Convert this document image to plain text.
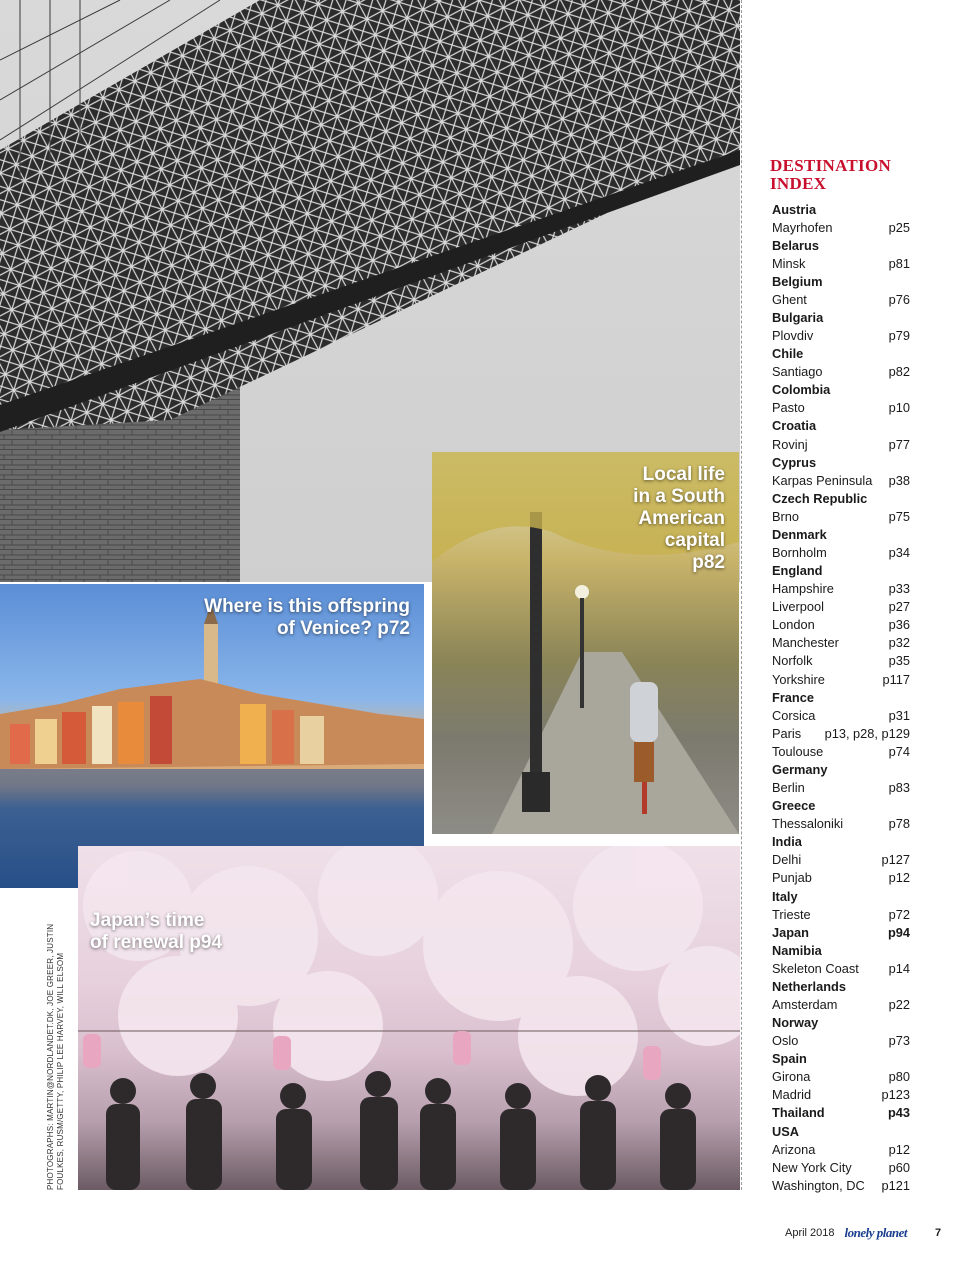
Local life
in a South
American
capital
p82
Where is this offspring
of Venice? p72
Japan’s time
of renewal p94
PHOTOGRAPHS: MARTIN@NORDLANDET.DK, JOE GREER, JUSTIN FOULKES, RUSM/GETTY, PHILIP LEE HARVEY, WILL ELSOM
DESTINATION
INDEX
Austria
Mayrhofen	p25
Belarus
Minsk	p81
Belgium
Ghent	p76
Bulgaria
Plovdiv	p79
Chile
Santiago	p82
Colombia
Pasto	p10
Croatia
Rovinj	p77
Cyprus
Karpas Peninsula p38
Czech Republic
Brno	p75
Denmark
Bornholm	p34
England
Hampshire	p33
Liverpool	p27
London	p36
Manchester	p32
Norfolk	p35
Yorkshire	p117
France
Corsica	p31
Paris p13, p28, p129
Toulouse	p74
Germany
Berlin	p83
Greece
Thessaloniki	p78
India
Delhi	p127
Punjab	p12
Italy
Trieste	p72
Japan	p94
Namibia
Skeleton Coast p14
Netherlands
Amsterdam	p22
Norway
Oslo	p73
Spain
Girona	p80
Madrid	p123
Thailand	p43
USA
Arizona	p12
New York City	p60
Washington, DC p121
April 2018 lonely planet	7
